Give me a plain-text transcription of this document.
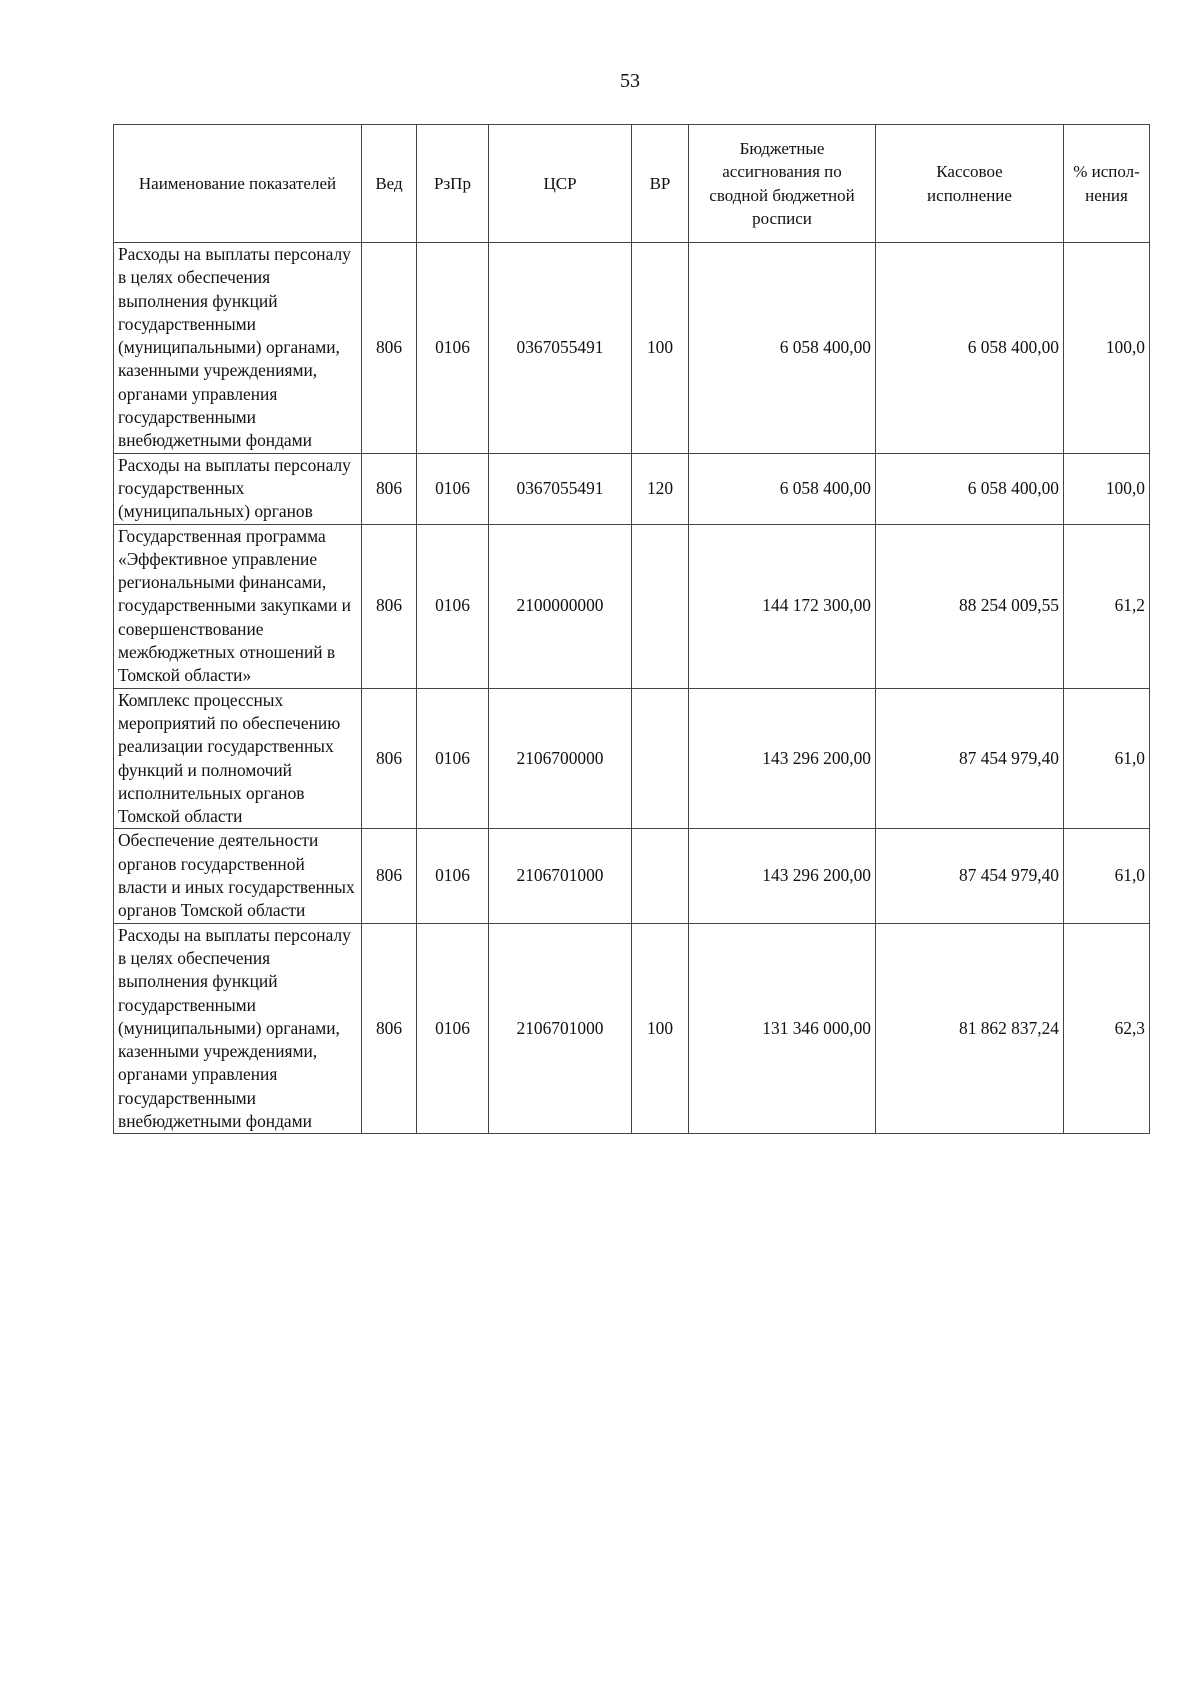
53
Наименование показателей	Вед	РзПр	ЦСР	ВР	Бюджетные ассигнования по сводной бюджетной росписи	Кассовое исполнение	% испол-нения
Расходы на выплаты персоналу в целях обеспечения выполнения функций государственными (муниципальными) органами, казенными учреждениями, органами управления государственными внебюджетными фондами	806	0106	0367055491	100	6 058 400,00	6 058 400,00	100,0
Расходы на выплаты персоналу государственных (муниципальных) органов	806	0106	0367055491	120	6 058 400,00	6 058 400,00	100,0
Государственная программа «Эффективное управление региональными финансами, государственными закупками и совершенствование межбюджетных отношений в Томской области»	806	0106	2100000000		144 172 300,00	88 254 009,55	61,2
Комплекс процессных мероприятий по обеспечению реализации государственных функций и полномочий исполнительных органов Томской области	806	0106	2106700000		143 296 200,00	87 454 979,40	61,0
Обеспечение деятельности органов государственной власти и иных государственных органов Томской области	806	0106	2106701000		143 296 200,00	87 454 979,40	61,0
Расходы на выплаты персоналу в целях обеспечения выполнения функций государственными (муниципальными) органами, казенными учреждениями, органами управления государственными внебюджетными фондами	806	0106	2106701000	100	131 346 000,00	81 862 837,24	62,3
